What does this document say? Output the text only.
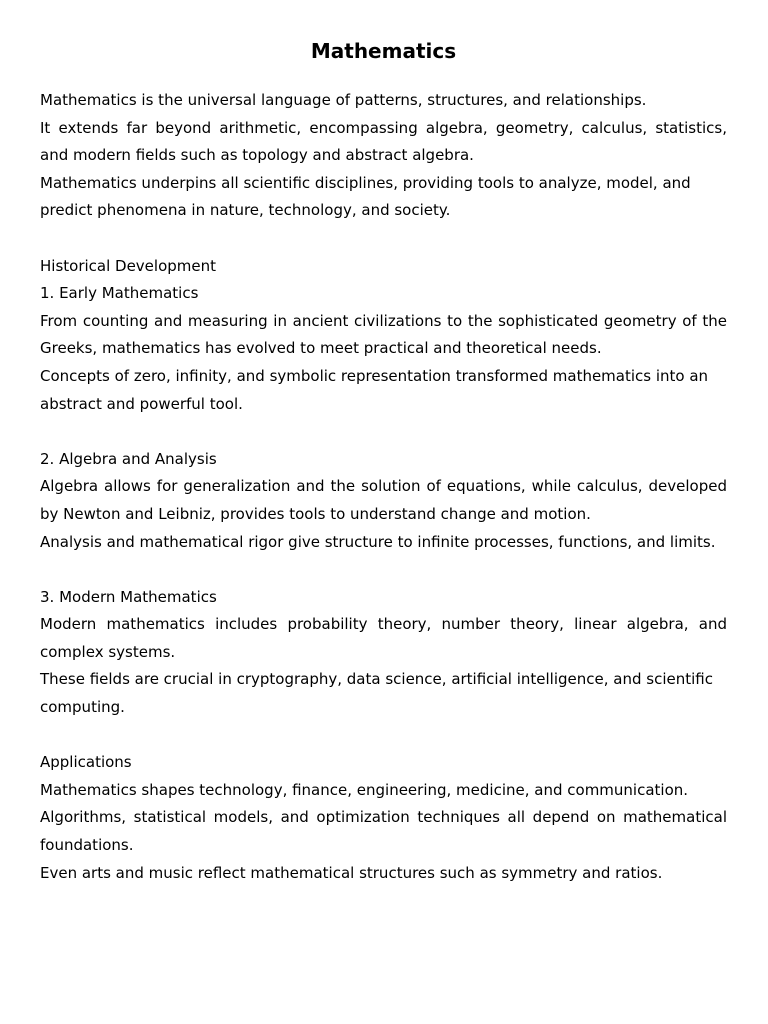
Mathematics

Mathematics is the universal language of patterns, structures, and relationships.

It extends far beyond arithmetic, encompassing algebra, geometry, calculus, statistics, and modern fields such as topology and abstract algebra.

Mathematics underpins all scientific disciplines, providing tools to analyze, model, and predict phenomena in nature, technology, and society.

Historical Development

1. Early Mathematics

From counting and measuring in ancient civilizations to the sophisticated geometry of the Greeks, mathematics has evolved to meet practical and theoretical needs.

Concepts of zero, infinity, and symbolic representation transformed mathematics into an abstract and powerful tool.

2. Algebra and Analysis

Algebra allows for generalization and the solution of equations, while calculus, developed by Newton and Leibniz, provides tools to understand change and motion.

Analysis and mathematical rigor give structure to infinite processes, functions, and limits.

3. Modern Mathematics

Modern mathematics includes probability theory, number theory, linear algebra, and complex systems.

These fields are crucial in cryptography, data science, artificial intelligence, and scientific computing.

Applications

Mathematics shapes technology, finance, engineering, medicine, and communication.

Algorithms, statistical models, and optimization techniques all depend on mathematical foundations.

Even arts and music reflect mathematical structures such as symmetry and ratios.
